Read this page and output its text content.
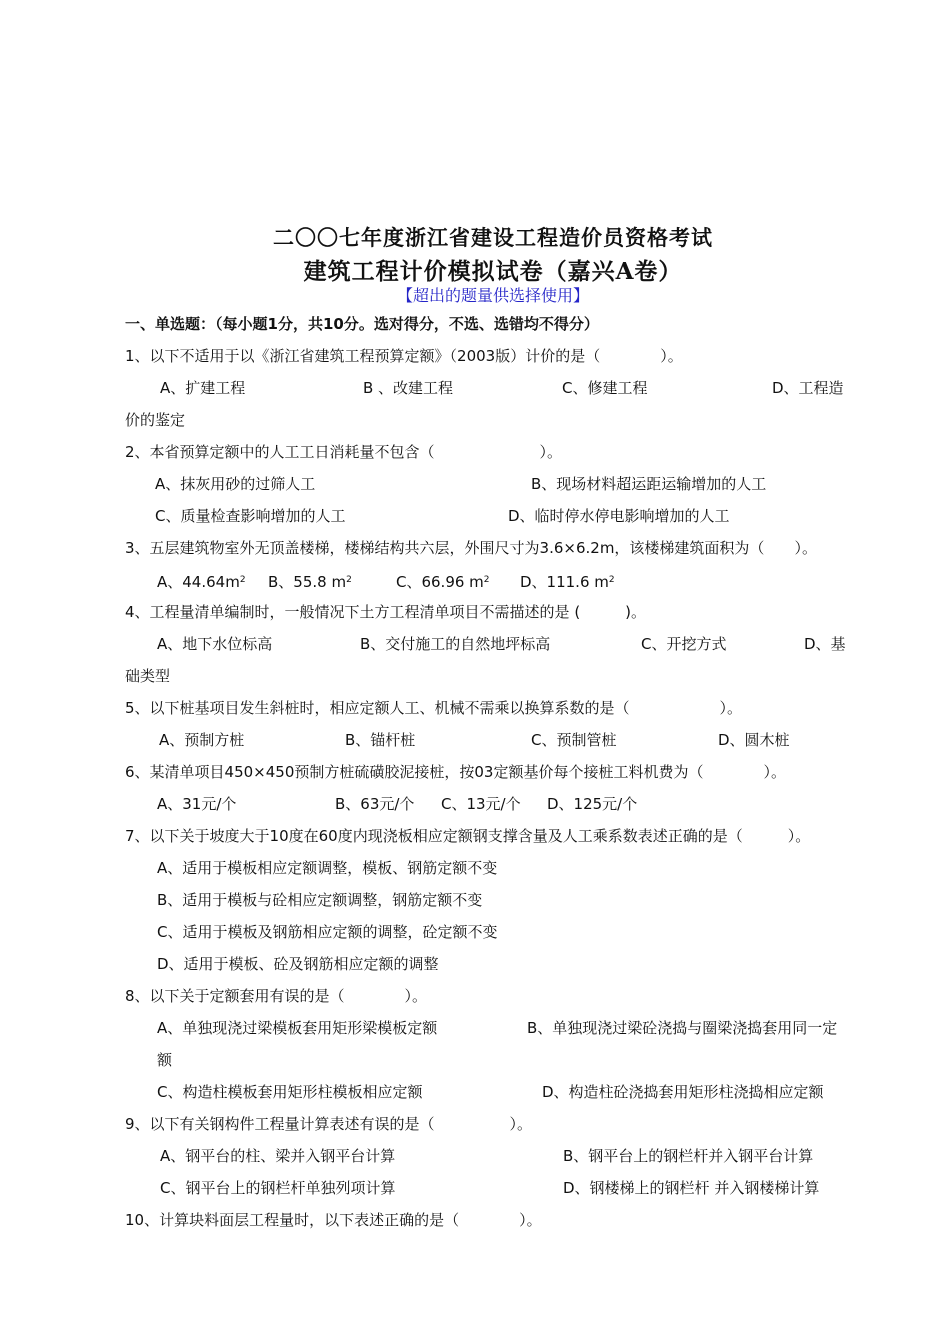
二〇〇七年度浙江省建设工程造价员资格考试
建筑工程计价模拟试卷（嘉兴A卷）
【超出的题量供选择使用】
一、单选题：（每小题1分，共10分。选对得分，不选、选错均不得分）
1、以下不适用于以《浙江省建筑工程预算定额》（2003版）计价的是（　　　　）。
A、扩建工程	B 、改建工程	C、修建工程	D、工程造
价的鉴定
2、本省预算定额中的人工工日消耗量不包含（　　　　　　　）。
A、抹灰用砂的过筛人工	B、现场材料超运距运输增加的人工
C、质量检查影响增加的人工	D、临时停水停电影响增加的人工
3、五层建筑物室外无顶盖楼梯，楼梯结构共六层，外围尺寸为3.6×6.2m，该楼梯建筑面积为（　　）。
A、$44.64m^2$ B、55.8 $m^2$	C、66.96 $m^2$ D、111.6 $m^2$
4、工程量清单编制时，一般情况下土方工程清单项目不需描述的是 (　　　)。
A、地下水位标高	B、交付施工的自然地坪标高	C、开挖方式	D、基
础类型
5、以下桩基项目发生斜桩时，相应定额人工、机械不需乘以换算系数的是（　　　　　　）。
A、预制方桩	B、锚杆桩	C、预制管桩	D、圆木桩
6、某清单项目450×450预制方桩硫磺胶泥接桩，按03定额基价每个接桩工料机费为（　　　　）。
A、31元/个	B、63元/个 C、13元/个 D、125元/个
7、以下关于坡度大于10度在60度内现浇板相应定额钢支撑含量及人工乘系数表述正确的是（　　　）。
A、适用于模板相应定额调整，模板、钢筋定额不变
B、适用于模板与砼相应定额调整，钢筋定额不变
C、适用于模板及钢筋相应定额的调整，砼定额不变
D、适用于模板、砼及钢筋相应定额的调整
8、以下关于定额套用有误的是（　　　　）。
A、单独现浇过梁模板套用矩形梁模板定额	B、单独现浇过梁砼浇捣与圈梁浇捣套用同一定
额
C、构造柱模板套用矩形柱模板相应定额	D、构造柱砼浇捣套用矩形柱浇捣相应定额
9、以下有关钢构件工程量计算表述有误的是（　　　　　）。
A、钢平台的柱、梁并入钢平台计算	B、钢平台上的钢栏杆并入钢平台计算
C、钢平台上的钢栏杆单独列项计算	D、钢楼梯上的钢栏杆 并入钢楼梯计算
10、计算块料面层工程量时，以下表述正确的是（　　　　）。
